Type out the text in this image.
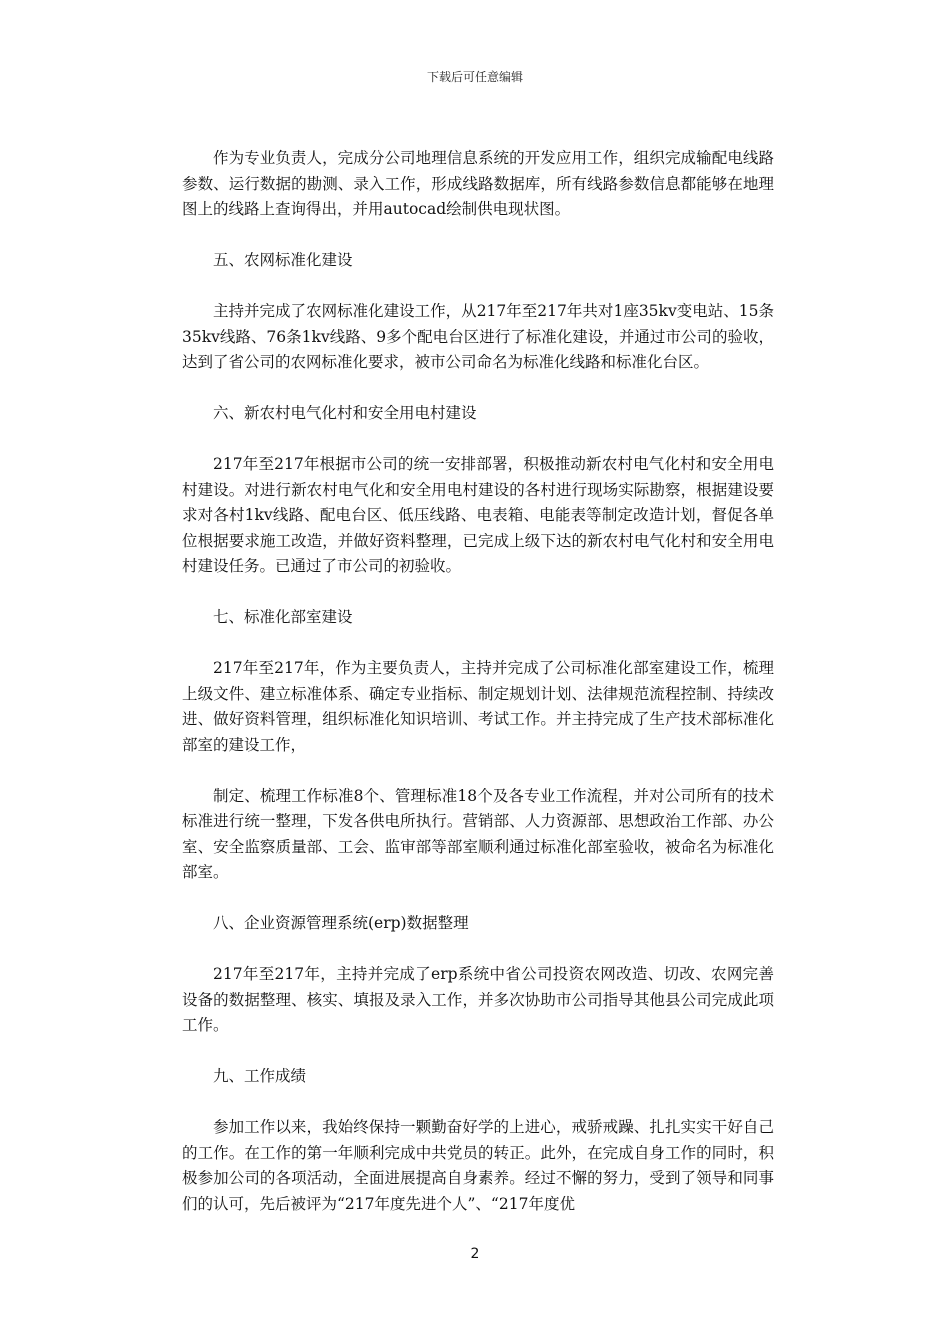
下载后可任意编辑

作为专业负责人，完成分公司地理信息系统的开发应用工作，组织完成输配电线路参数、运行数据的勘测、录入工作，形成线路数据库，所有线路参数信息都能够在地理图上的线路上查询得出，并用autocad绘制供电现状图。

五、农网标准化建设

主持并完成了农网标准化建设工作，从217年至217年共对1座35kv变电站、15条35kv线路、76条1kv线路、9多个配电台区进行了标准化建设，并通过市公司的验收，达到了省公司的农网标准化要求，被市公司命名为标准化线路和标准化台区。

六、新农村电气化村和安全用电村建设

217年至217年根据市公司的统一安排部署，积极推动新农村电气化村和安全用电村建设。对进行新农村电气化和安全用电村建设的各村进行现场实际勘察，根据建设要求对各村1kv线路、配电台区、低压线路、电表箱、电能表等制定改造计划，督促各单位根据要求施工改造，并做好资料整理，已完成上级下达的新农村电气化村和安全用电村建设任务。已通过了市公司的初验收。

七、标准化部室建设

217年至217年，作为主要负责人，主持并完成了公司标准化部室建设工作，梳理上级文件、建立标准体系、确定专业指标、制定规划计划、法律规范流程控制、持续改进、做好资料管理，组织标准化知识培训、考试工作。并主持完成了生产技术部标准化部室的建设工作，

制定、梳理工作标准8个、管理标准18个及各专业工作流程，并对公司所有的技术标准进行统一整理，下发各供电所执行。营销部、人力资源部、思想政治工作部、办公室、安全监察质量部、工会、监审部等部室顺利通过标准化部室验收，被命名为标准化部室。

八、企业资源管理系统(erp)数据整理

217年至217年，主持并完成了erp系统中省公司投资农网改造、切改、农网完善设备的数据整理、核实、填报及录入工作，并多次协助市公司指导其他县公司完成此项工作。

九、工作成绩

参加工作以来，我始终保持一颗勤奋好学的上进心，戒骄戒躁、扎扎实实干好自己的工作。在工作的第一年顺利完成中共党员的转正。此外，在完成自身工作的同时，积极参加公司的各项活动，全面进展提高自身素养。经过不懈的努力，受到了领导和同事们的认可，先后被评为“217年度先进个人”、“217年度优

2
